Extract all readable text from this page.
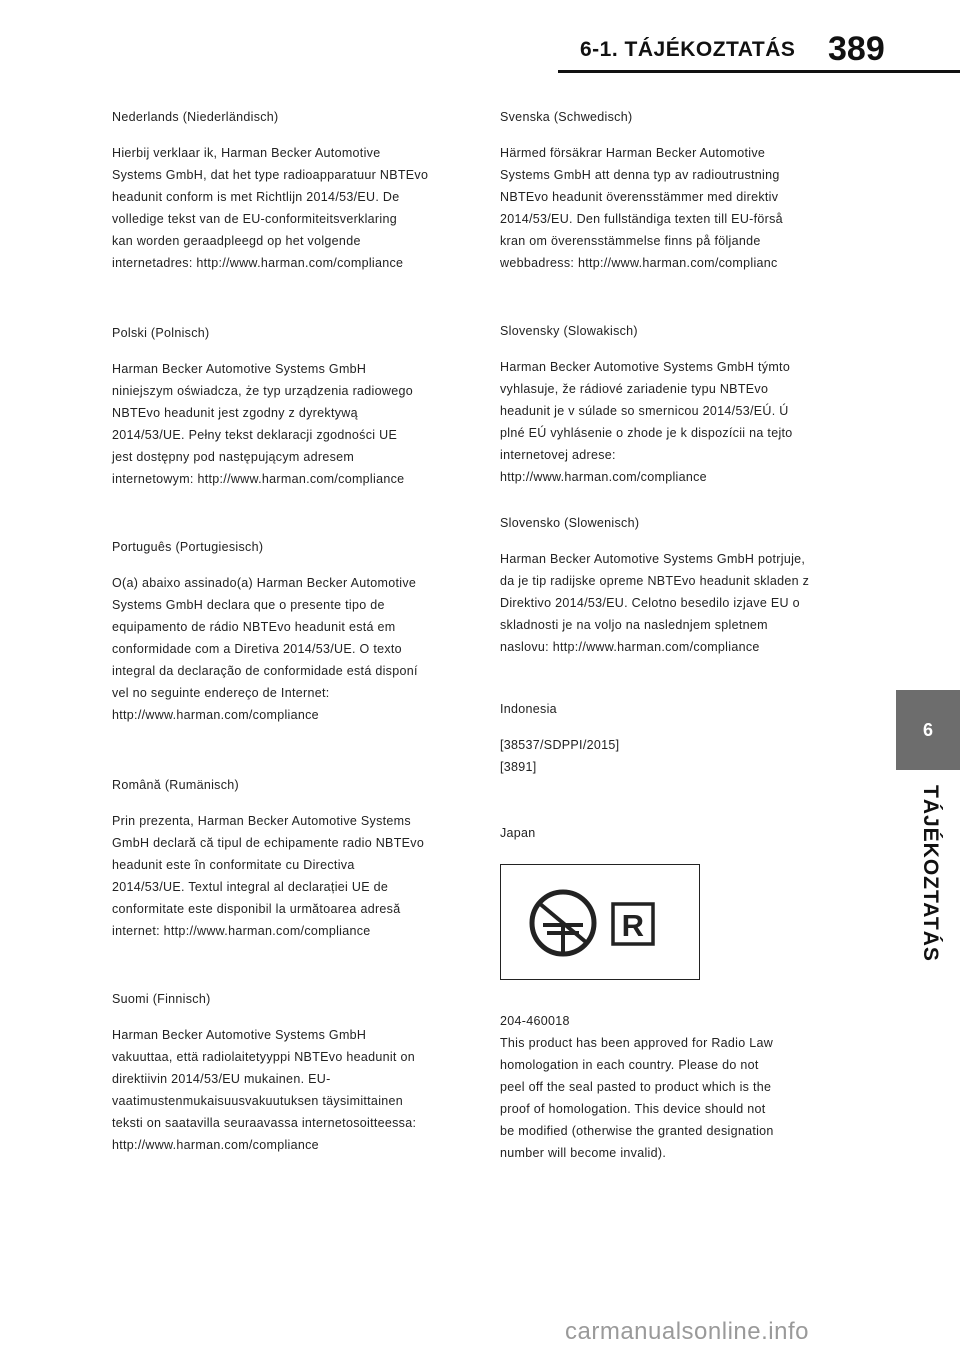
6-1. TÁJÉKOZTATÁS 389

Nederlands (Niederländisch)

Hierbij verklaar ik, Harman Becker Automotive
Systems GmbH, dat het type radioapparatuur NBTEvo
headunit conform is met Richtlijn 2014/53/EU. De
volledige tekst van de EU-conformiteitsverklaring
kan worden geraadpleegd op het volgende
internetadres: http://www.harman.com/compliance

Polski (Polnisch)

Harman Becker Automotive Systems GmbH
niniejszym oświadcza, że typ urządzenia radiowego
NBTEvo headunit jest zgodny z dyrektywą
2014/53/UE. Pełny tekst deklaracji zgodności UE
jest dostępny pod następującym adresem
internetowym: http://www.harman.com/compliance

Português (Portugiesisch)

O(a) abaixo assinado(a) Harman Becker Automotive
Systems GmbH declara que o presente tipo de
equipamento de rádio NBTEvo headunit está em
conformidade com a Diretiva 2014/53/UE. O texto
integral da declaração de conformidade está disponí
vel no seguinte endereço de Internet:
http://www.harman.com/compliance

Română (Rumänisch)

Prin prezenta, Harman Becker Automotive Systems
GmbH declară că tipul de echipamente radio NBTEvo
headunit este în conformitate cu Directiva
2014/53/UE. Textul integral al declarației UE de
conformitate este disponibil la următoarea adresă
internet: http://www.harman.com/compliance

Suomi (Finnisch)

Harman Becker Automotive Systems GmbH
vakuuttaa, että radiolaitetyyppi NBTEvo headunit on
direktiivin 2014/53/EU mukainen. EU-
vaatimustenmukaisuusvakuutuksen täysimittainen
teksti on saatavilla seuraavassa internetosoitteessa:
http://www.harman.com/compliance

Svenska (Schwedisch)

Härmed försäkrar Harman Becker Automotive
Systems GmbH att denna typ av radioutrustning
NBTEvo headunit överensstämmer med direktiv
2014/53/EU. Den fullständiga texten till EU-förså
kran om överensstämmelse finns på följande
webbadress: http://www.harman.com/complianc

Slovensky (Slowakisch)

Harman Becker Automotive Systems GmbH týmto
vyhlasuje, že rádiové zariadenie typu NBTEvo
headunit je v súlade so smernicou 2014/53/EÚ. Ú
plné EÚ vyhlásenie o zhode je k dispozícii na tejto
internetovej adrese:
http://www.harman.com/compliance

Slovensko (Slowenisch)

Harman Becker Automotive Systems GmbH potrjuje,
da je tip radijske opreme NBTEvo headunit skladen z
Direktivo 2014/53/EU. Celotno besedilo izjave EU o
skladnosti je na voljo na naslednjem spletnem
naslovu: http://www.harman.com/compliance

Indonesia

[38537/SDPPI/2015]
[3891]

Japan

R

204-460018

This product has been approved for Radio Law
homologation in each country. Please do not
peel off the seal pasted to product which is the
proof of homologation. This device should not
be modified (otherwise the granted designation
number will become invalid).

6
TÁJÉKOZTATÁS
carmanualsonline.info
